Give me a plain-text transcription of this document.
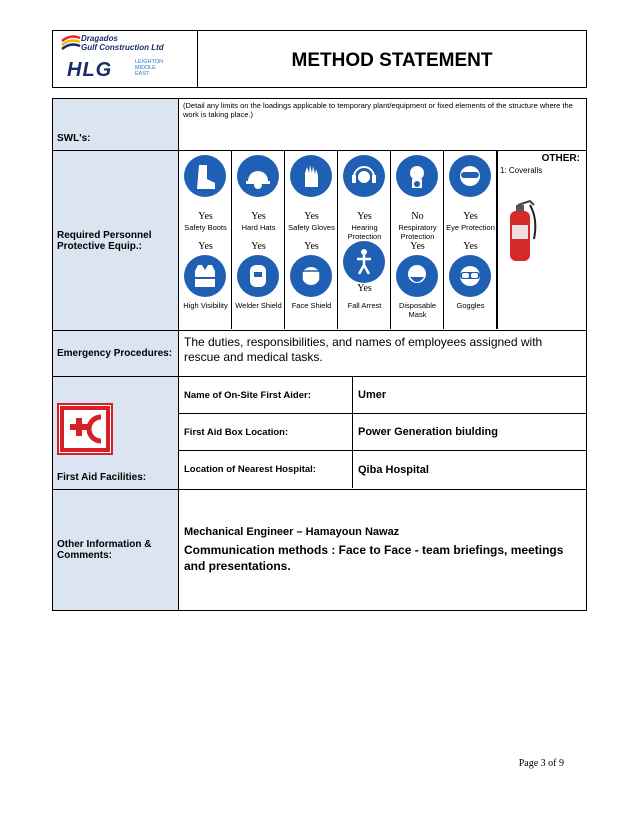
Dragados
Gulf Construction Ltd
HLG	LEIGHTON
MIDDLE
EAST
METHOD STATEMENT
SWL's:
(Detail any limits on the loadings applicable to temporary plant/equipment or fixed elements of the structure where the work is taking place.)
Required Personnel Protective Equip.:
Yes
Safety Boots
Yes
Hard Hats
Yes
Safety Gloves
Yes
Hearing Protection
No
Respiratory Protection
Yes
Eye Protection
Yes
High Visibility
Yes
Welder Shield
Yes
Face Shield
Yes
Fall Arrest
Yes
Disposable Mask
Yes
Goggles
OTHER:
1: Coveralls
Emergency Procedures:
The duties, responsibilities, and names of employees assigned with rescue and medical tasks.
First Aid Facilities:
Name of On-Site First Aider:	Umer
First Aid Box Location:	Power Generation biulding
Location of Nearest Hospital:	Qiba Hospital
Other Information & Comments:
Mechanical Engineer – Hamayoun Nawaz
Communication methods : Face to Face - team briefings, meetings and presentations.
Page 3 of 9
